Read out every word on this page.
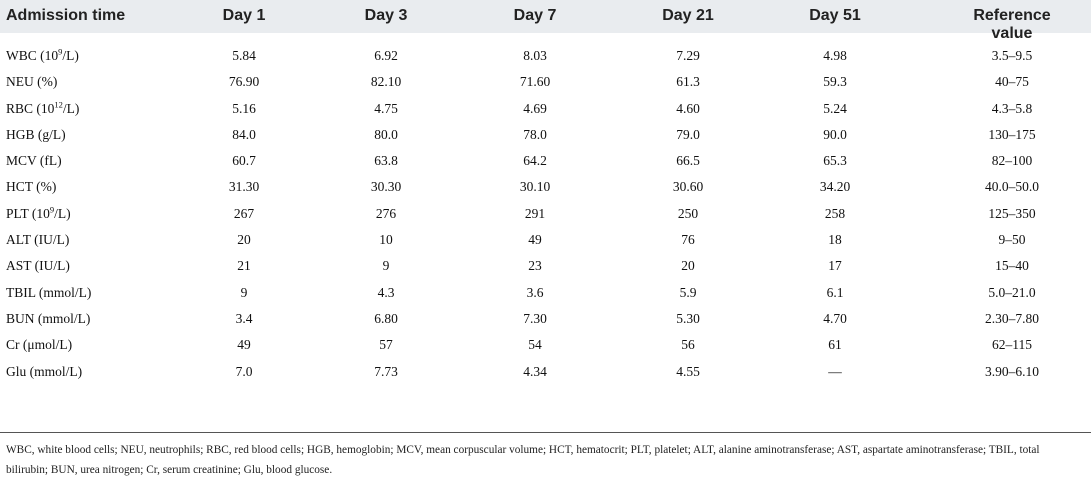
Admission time	Day 1	Day 3	Day 7	Day 21	Day 51	Reference value
WBC $(10^9/L)$	5.84	6.92	8.03	7.29	4.98	3.5–9.5
NEU (%)	76.90	82.10	71.60	61.3	59.3	40–75
RBC $(10^{12}/L)$	5.16	4.75	4.69	4.60	5.24	4.3–5.8
HGB (g/L)	84.0	80.0	78.0	79.0	90.0	130–175
MCV (fL)	60.7	63.8	64.2	66.5	65.3	82–100
HCT (%)	31.30	30.30	30.10	30.60	34.20	40.0–50.0
PLT $(10^9/L)$	267	276	291	250	258	125–350
ALT (IU/L)	20	10	49	76	18	9–50
AST (IU/L)	21	9	23	20	17	15–40
TBIL (mmol/L)	9	4.3	3.6	5.9	6.1	5.0–21.0
BUN (mmol/L)	3.4	6.80	7.30	5.30	4.70	2.30–7.80
Cr (μmol/L)	49	57	54	56	61	62–115
Glu (mmol/L)	7.0	7.73	4.34	4.55	—	3.90–6.10
WBC, white blood cells; NEU, neutrophils; RBC, red blood cells; HGB, hemoglobin; MCV, mean corpuscular volume; HCT, hematocrit; PLT, platelet; ALT, alanine aminotransferase; AST, aspartate aminotransferase; TBIL, total bilirubin; BUN, urea nitrogen; Cr, serum creatinine; Glu, blood glucose.
